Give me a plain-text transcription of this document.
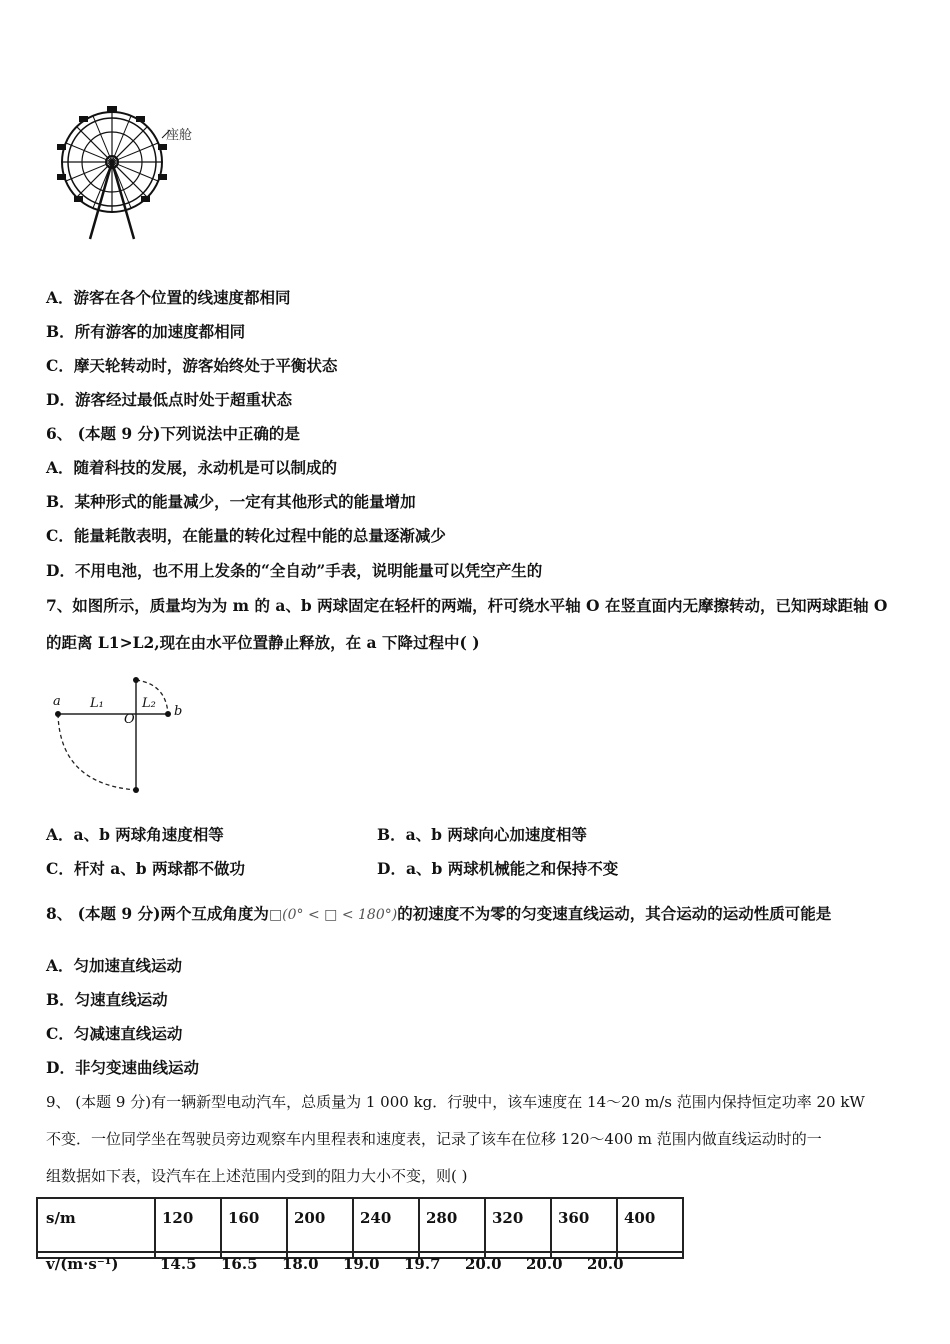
座舱
A．游客在各个位置的线速度都相同
B．所有游客的加速度都相同
C．摩天轮转动时，游客始终处于平衡状态
D．游客经过最低点时处于超重状态
6、 (本题 9 分)下列说法中正确的是
A．随着科技的发展，永动机是可以制成的
B．某种形式的能量减少，一定有其他形式的能量增加
C．能量耗散表明，在能量的转化过程中能的总量逐渐减少
D．不用电池，也不用上发条的“全自动”手表，说明能量可以凭空产生的
7、如图所示，质量均为为 m 的 a、b 两球固定在轻杆的两端，杆可绕水平轴 O 在竖直面内无摩擦转动，已知两球距轴 O
的距离 L1>L2,现在由水平位置静止释放，在 a 下降过程中( )
a L₁
O
L₂
b
A．a、b 两球角速度相等	B．a、b 两球向心加速度相等
C．杆对 a、b 两球都不做功	D．a、b 两球机械能之和保持不变
8、 (本题 9 分)两个互成角度为□(0° < □ < 180°)的初速度不为零的匀变速直线运动，其合运动的运动性质可能是
A．匀加速直线运动
B．匀速直线运动
C．匀减速直线运动
D．非匀变速曲线运动
9、 (本题 9 分)有一辆新型电动汽车，总质量为 1 000 kg．行驶中，该车速度在 14～20 m/s 范围内保持恒定功率 20 kW
不变．一位同学坐在驾驶员旁边观察车内里程表和速度表，记录了该车在位移 120～400 m 范围内做直线运动时的一
组数据如下表，设汽车在上述范围内受到的阻力大小不变，则( )
s/m	120	160	200	240	280	320	360	400

v/(m·s⁻¹)	14.5 16.5 18.0 19.0 19.7 20.0 20.0 20.0
